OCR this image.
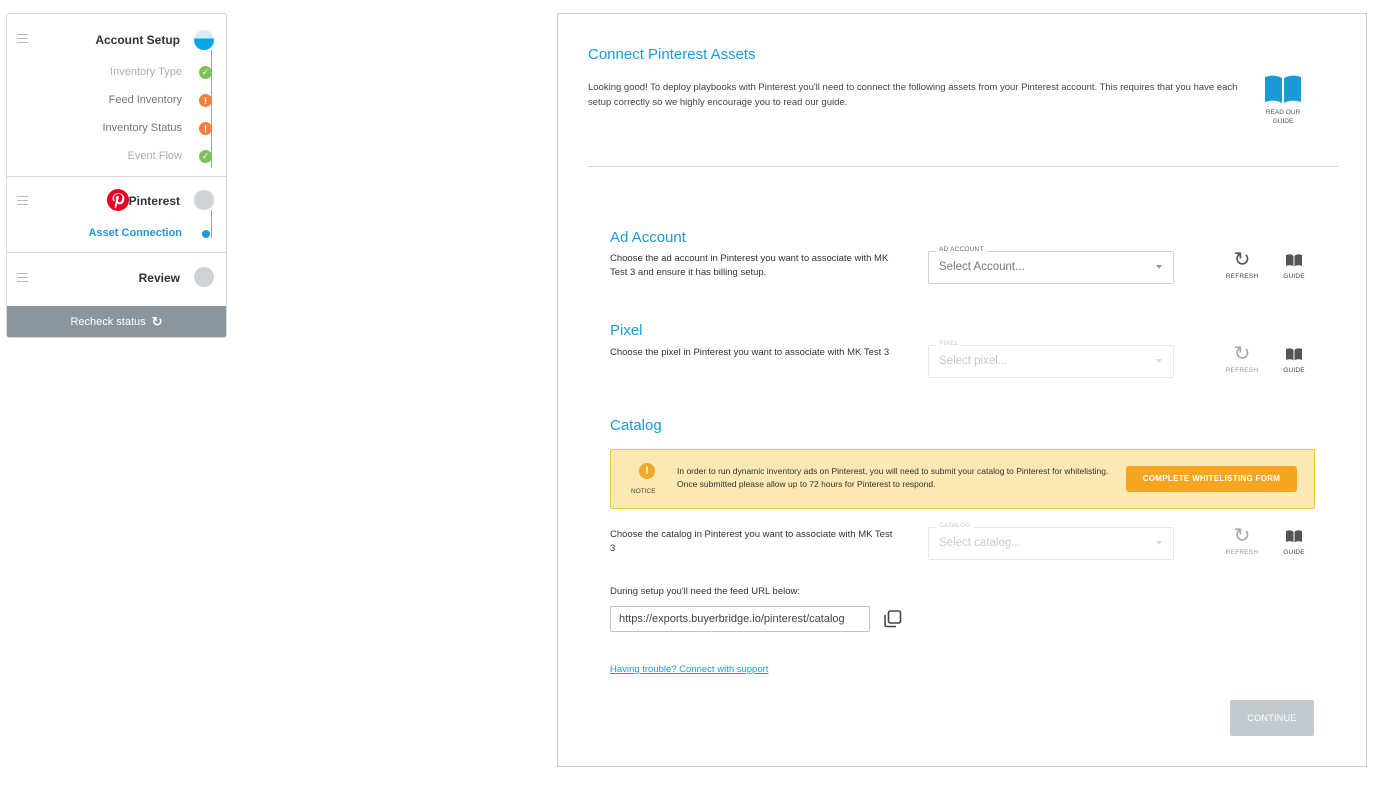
Account Setup
Inventory Type	✓
Feed Inventory	!
Inventory Status	!
Event Flow	✓
Pinterest
Asset Connection
Review
Recheck status ↻
Connect Pinterest Assets
Looking good! To deploy playbooks with Pinterest you'll need to connect the following assets from your Pinterest account. This requires that you have each setup correctly so we highly encourage you to read our guide.
READ OUR GUIDE
Ad Account
Choose the ad account in Pinterest you want to associate with MK Test 3 and ensure it has billing setup.
AD ACCOUNT
Select Account...	↻
REFRESH	GUIDE
Pixel
Choose the pixel in Pinterest you want to associate with MK Test 3
PIXEL
Select pixel...	↻
REFRESH	GUIDE
Catalog
!
NOTICE
In order to run dynamic inventory ads on Pinterest, you will need to submit your catalog to Pinterest for whitelisting. Once submitted please allow up to 72 hours for Pinterest to respond.
COMPLETE WHITELISTING FORM
Choose the catalog in Pinterest you want to associate with MK Test 3
CATALOG
Select catalog...	↻
REFRESH	GUIDE
During setup you'll need the feed URL below:
https://exports.buyerbridge.io/pinterest/catalog
Having trouble? Connect with support
CONTINUE
